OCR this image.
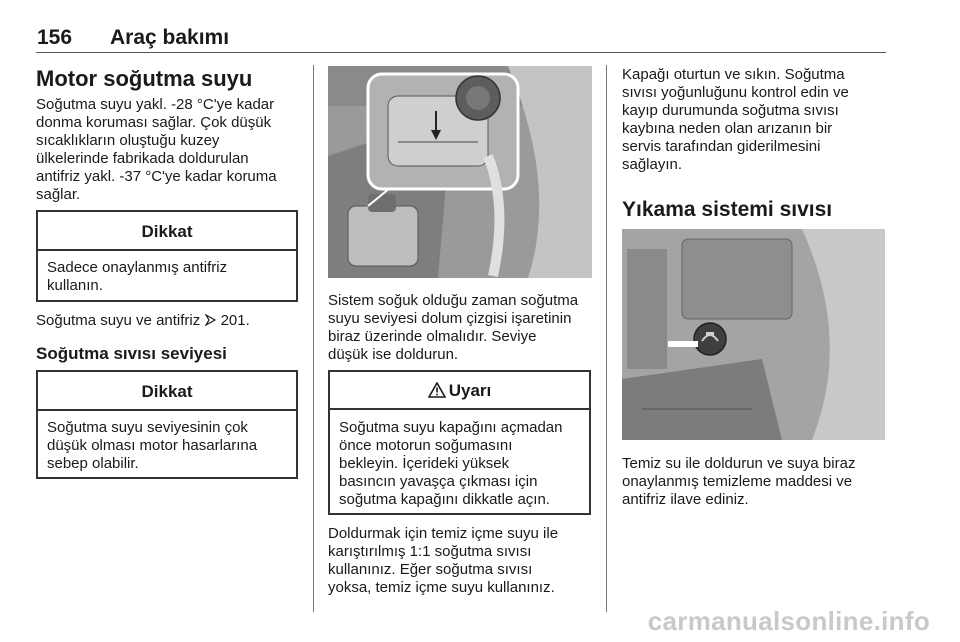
156 Araç bakımı
Motor soğutma suyu
Soğutma suyu yakl. -28 °C'ye kadar
donma koruması sağlar. Çok düşük
sıcaklıkların oluştuğu kuzey
ülkelerinde fabrikada doldurulan
antifriz yakl. -37 °C'ye kadar koruma
sağlar.
Dikkat
Sadece onaylanmış antifriz
kullanın.
Soğutma suyu ve antifriz  201.
Soğutma sıvısı seviyesi
Dikkat
Soğutma suyu seviyesinin çok
düşük olması motor hasarlarına
sebep olabilir.
Sistem soğuk olduğu zaman soğutma
suyu seviyesi dolum çizgisi işaretinin
biraz üzerinde olmalıdır. Seviye
düşük ise doldurun.
Uyarı
Soğutma suyu kapağını açmadan
önce motorun soğumasını
bekleyin. İçerideki yüksek
basıncın yavaşça çıkması için
soğutma kapağını dikkatle açın.
Doldurmak için temiz içme suyu ile
karıştırılmış 1:1 soğutma sıvısı
kullanınız. Eğer soğutma sıvısı
yoksa, temiz içme suyu kullanınız.
Kapağı oturtun ve sıkın. Soğutma
sıvısı yoğunluğunu kontrol edin ve
kayıp durumunda soğutma sıvısı
kaybına neden olan arızanın bir
servis tarafından giderilmesini
sağlayın.
Yıkama sistemi sıvısı
Temiz su ile doldurun ve suya biraz
onaylanmış temizleme maddesi ve
antifriz ilave ediniz.
carmanualsonline.info
